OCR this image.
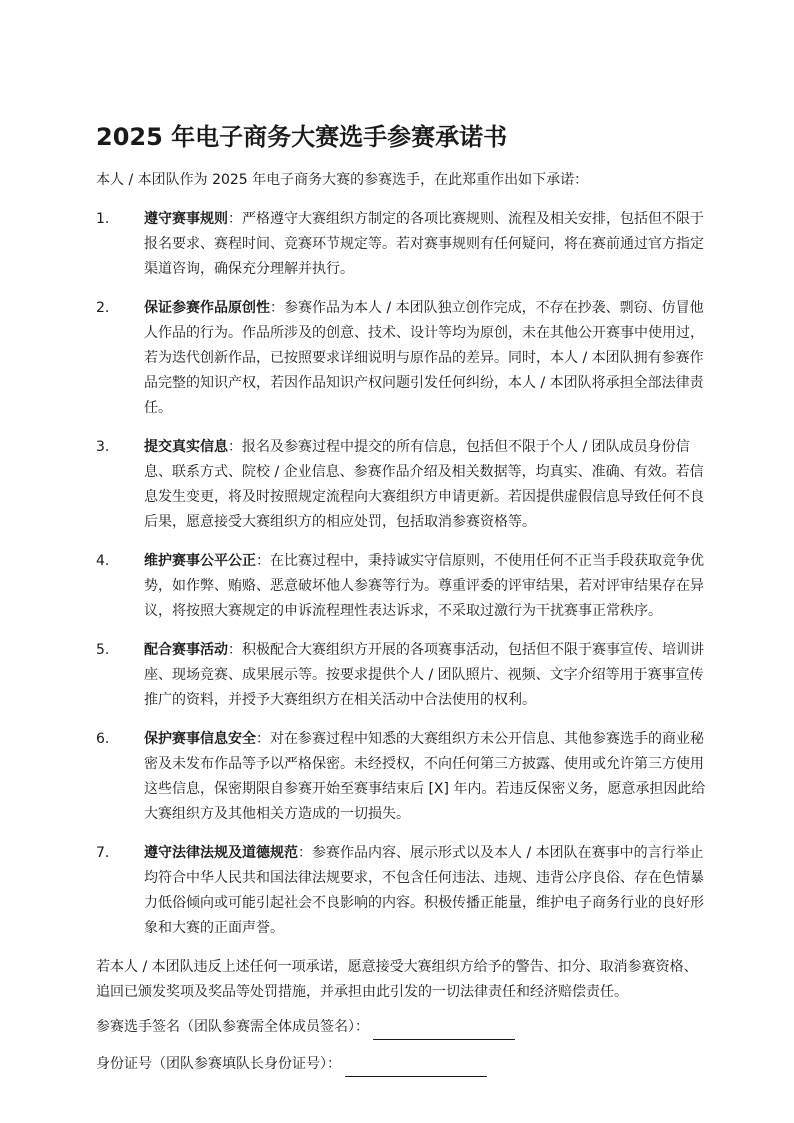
2025 年电子商务大赛选手参赛承诺书

本人 / 本团队作为 2025 年电子商务大赛的参赛选手，在此郑重作出如下承诺：

1.	遵守赛事规则：严格遵守大赛组织方制定的各项比赛规则、流程及相关安排，包括但不限于报名要求、赛程时间、竞赛环节规定等。若对赛事规则有任何疑问，将在赛前通过官方指定渠道咨询，确保充分理解并执行。
2.	保证参赛作品原创性：参赛作品为本人 / 本团队独立创作完成，不存在抄袭、剽窃、仿冒他人作品的行为。作品所涉及的创意、技术、设计等均为原创，未在其他公开赛事中使用过，若为迭代创新作品，已按照要求详细说明与原作品的差异。同时，本人 / 本团队拥有参赛作品完整的知识产权，若因作品知识产权问题引发任何纠纷，本人 / 本团队将承担全部法律责任。
3.	提交真实信息：报名及参赛过程中提交的所有信息，包括但不限于个人 / 团队成员身份信息、联系方式、院校 / 企业信息、参赛作品介绍及相关数据等，均真实、准确、有效。若信息发生变更，将及时按照规定流程向大赛组织方申请更新。若因提供虚假信息导致任何不良后果，愿意接受大赛组织方的相应处罚，包括取消参赛资格等。
4.	维护赛事公平公正：在比赛过程中，秉持诚实守信原则，不使用任何不正当手段获取竞争优势，如作弊、贿赂、恶意破坏他人参赛等行为。尊重评委的评审结果，若对评审结果存在异议，将按照大赛规定的申诉流程理性表达诉求，不采取过激行为干扰赛事正常秩序。
5.	配合赛事活动：积极配合大赛组织方开展的各项赛事活动，包括但不限于赛事宣传、培训讲座、现场竞赛、成果展示等。按要求提供个人 / 团队照片、视频、文字介绍等用于赛事宣传推广的资料，并授予大赛组织方在相关活动中合法使用的权利。
6.	保护赛事信息安全：对在参赛过程中知悉的大赛组织方未公开信息、其他参赛选手的商业秘密及未发布作品等予以严格保密。未经授权，不向任何第三方披露、使用或允许第三方使用这些信息，保密期限自参赛开始至赛事结束后 [X] 年内。若违反保密义务，愿意承担因此给大赛组织方及其他相关方造成的一切损失。
7.	遵守法律法规及道德规范：参赛作品内容、展示形式以及本人 / 本团队在赛事中的言行举止均符合中华人民共和国法律法规要求，不包含任何违法、违规、违背公序良俗、存在色情暴力低俗倾向或可能引起社会不良影响的内容。积极传播正能量，维护电子商务行业的良好形象和大赛的正面声誉。

若本人 / 本团队违反上述任何一项承诺，愿意接受大赛组织方给予的警告、扣分、取消参赛资格、追回已颁发奖项及奖品等处罚措施，并承担由此引发的一切法律责任和经济赔偿责任。

参赛选手签名（团队参赛需全体成员签名）：
身份证号（团队参赛填队长身份证号）：
